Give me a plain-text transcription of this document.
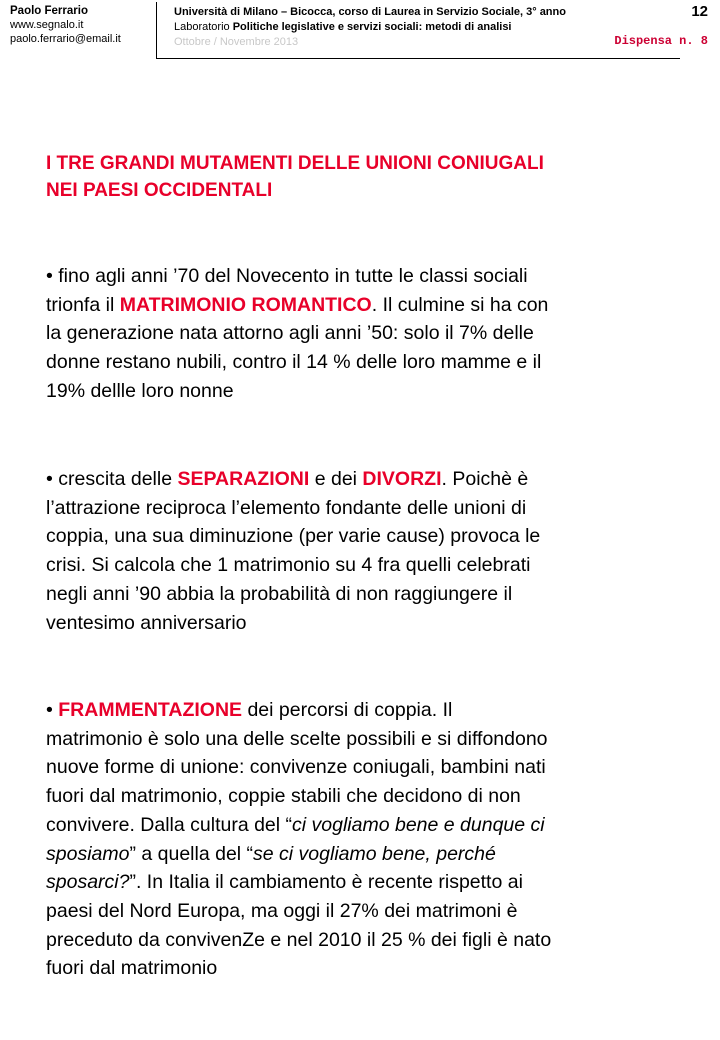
Paolo Ferrario
www.segnalo.it
paolo.ferrario@email.it
Università di Milano – Bicocca, corso di Laurea in Servizio Sociale, 3° anno
Laboratorio Politiche legislative e servizi sociali: metodi di analisi
Ottobre / Novembre 2013
12
Dispensa n. 8
I TRE GRANDI MUTAMENTI DELLE UNIONI CONIUGALI
NEI PAESI OCCIDENTALI
• fino agli anni ’70 del Novecento in tutte le classi sociali
trionfa il MATRIMONIO ROMANTICO. Il culmine si ha con
la generazione nata attorno agli anni ’50: solo il 7% delle
donne restano nubili, contro il 14 % delle loro mamme e il
19% dellle loro nonne
• crescita delle SEPARAZIONI e dei DIVORZI. Poichè è
l’attrazione reciproca l’elemento fondante delle unioni di
coppia, una sua diminuzione (per varie cause) provoca le
crisi. Si calcola che 1 matrimonio su 4 fra quelli celebrati
negli anni ’90 abbia la probabilità di non raggiungere il
ventesimo anniversario
• FRAMMENTAZIONE dei percorsi di coppia. Il
matrimonio è solo una delle scelte possibili e si diffondono
nuove forme di unione: convivenze coniugali, bambini nati
fuori dal matrimonio, coppie stabili che decidono di non
convivere. Dalla cultura del “ci vogliamo bene e dunque ci
sposiamo” a quella del “se ci vogliamo bene, perché
sposarci?”. In Italia il cambiamento è recente rispetto ai
paesi del Nord Europa, ma oggi il 27% dei matrimoni è
preceduto da convivenZe e nel 2010 il 25 % dei figli è nato
fuori dal matrimonio
